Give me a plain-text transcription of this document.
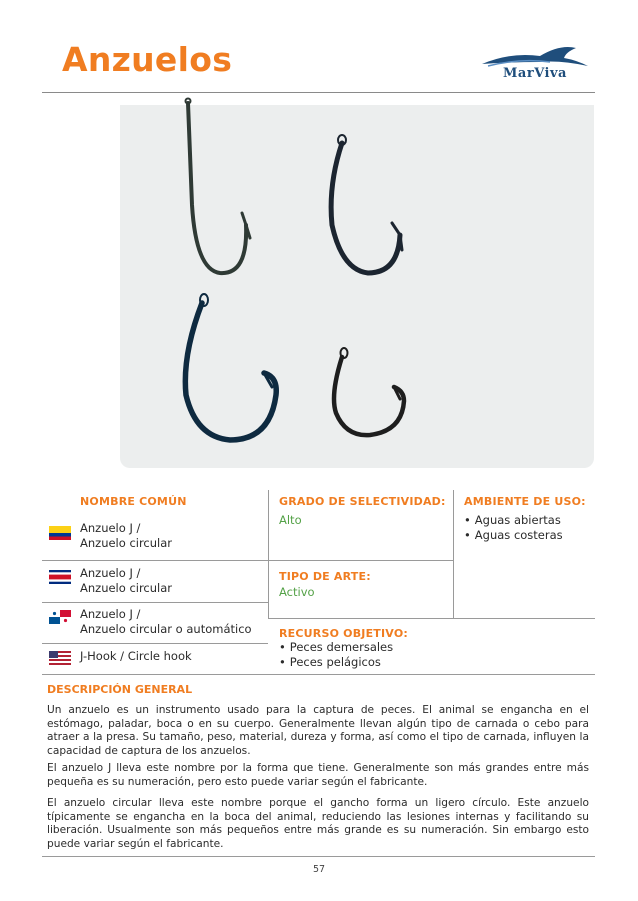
Anzuelos	MarViva
NOMBRE COMÚN	GRADO DE SELECTIVIDAD: AMBIENTE DE USO:
Anzuelo J /
Anzuelo circular
Anzuelo J /
Anzuelo circular
Anzuelo J /
Anzuelo circular o automático
J-Hook / Circle hook
Alto
•	Aguas abiertas
• Aguas costeras
TIPO DE ARTE:
Activo
RECURSO OBJETIVO:
• Peces demersales
• Peces pelágicos
DESCRIPCIÓN GENERAL

Un anzuelo es un instrumento usado para la captura de peces. El animal se engancha en el estómago, paladar, boca o en su cuerpo. Generalmente llevan algún tipo de carnada o cebo para atraer a la presa. Su tamaño, peso, material, dureza y forma, así como el tipo de carnada, influyen la capacidad de captura de los anzuelos.

El anzuelo J lleva este nombre por la forma que tiene. Generalmente son más grandes entre más pequeña es su numeración, pero esto puede variar según el fabricante.

El anzuelo circular lleva este nombre porque el gancho forma un ligero círculo. Este anzuelo típicamente se engancha en la boca del animal, reduciendo las lesiones internas y facilitando su liberación. Usualmente son más pequeños entre más grande es su numeración. Sin embargo esto puede variar según el fabricante.

57
